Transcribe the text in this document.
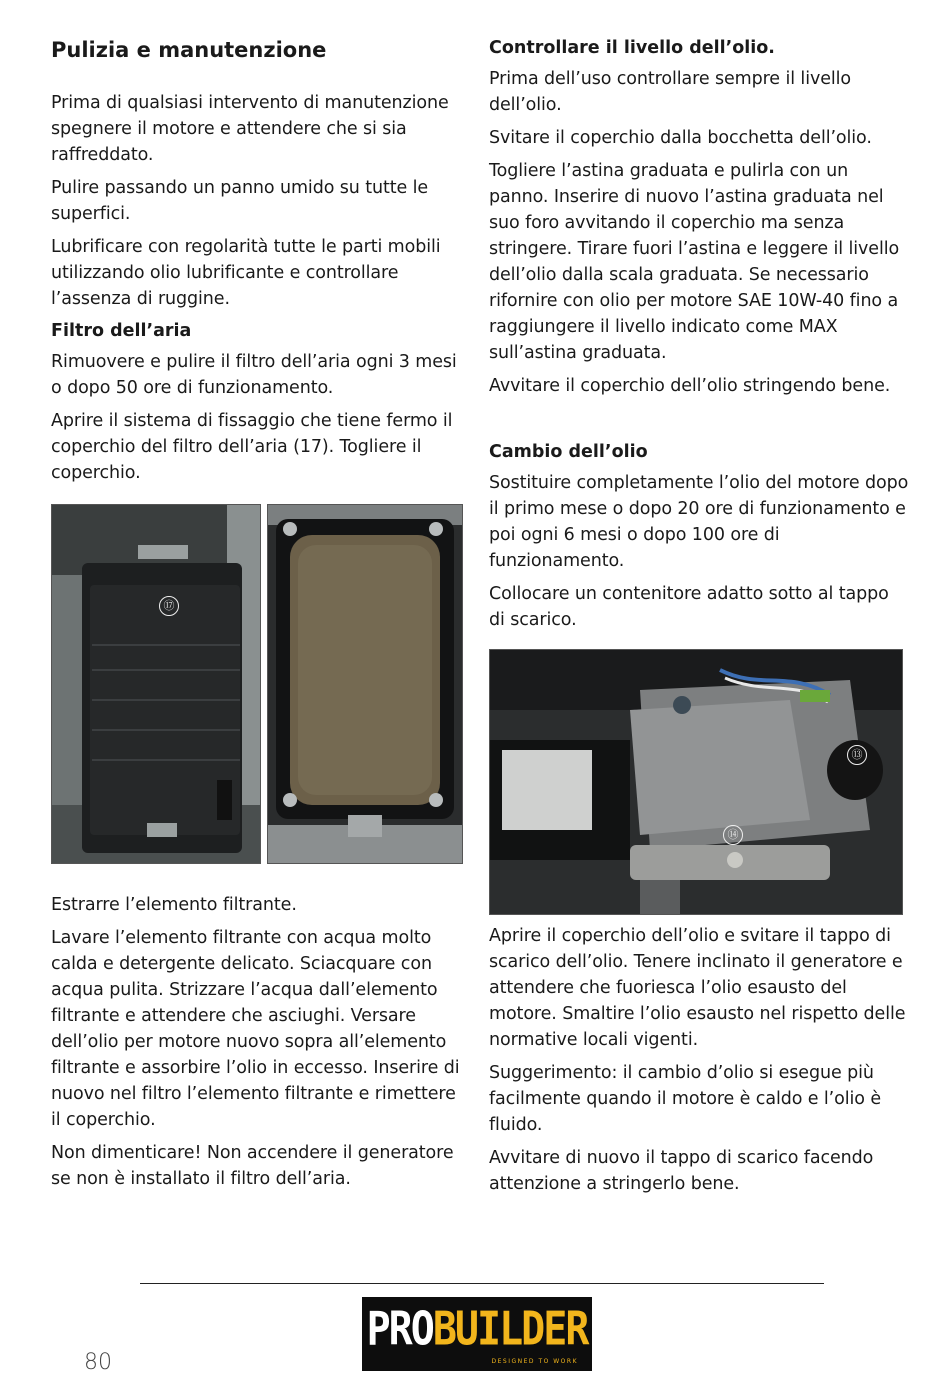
Pulizia e manutenzione

Prima di qualsiasi intervento di manutenzione spegnere il motore e attendere che si sia raffreddato.

Pulire passando un panno umido su tutte le superfici.

Lubrificare con regolarità tutte le parti mobili utilizzando olio lubrificante e controllare l’assenza di ruggine.

Filtro dell’aria

Rimuovere e pulire il filtro dell’aria ogni 3 mesi o dopo 50 ore di funzionamento.

Aprire il sistema di fissaggio che tiene fermo il coperchio del filtro dell’aria (17). Togliere il coperchio.

⑰

Estrarre l’elemento filtrante.

Lavare l’elemento filtrante con acqua molto calda e detergente delicato. Sciacquare con acqua pulita. Strizzare l’acqua dall’elemento filtrante e attendere che asciughi. Versare dell’olio per motore nuovo sopra all’elemento filtrante e assorbire l’olio in eccesso. Inserire di nuovo nel filtro l’elemento filtrante e rimettere il coperchio.

Non dimenticare! Non accendere il generatore se non è installato il filtro dell’aria.

Controllare il livello dell’olio.

Prima dell’uso controllare sempre il livello dell’olio.

Svitare il coperchio dalla bocchetta dell’olio.

Togliere l’astina graduata e pulirla con un panno. Inserire di nuovo l’astina graduata nel suo foro avvitando il coperchio ma senza stringere. Tirare fuori l’astina e leggere il livello dell’olio dalla scala graduata. Se necessario rifornire con olio per motore SAE 10W-40 fino a raggiungere il livello indicato come MAX sull’astina graduata.

Avvitare il coperchio dell’olio stringendo bene.

Cambio dell’olio

Sostituire completamente l’olio del motore dopo il primo mese o dopo 20 ore di funzionamento e poi ogni 6 mesi o dopo 100 ore di funzionamento.

Collocare un contenitore adatto sotto al tappo di scarico.

⑬
⑭

Aprire il coperchio dell’olio e svitare il tappo di scarico dell’olio. Tenere inclinato il generatore e attendere che fuoriesca l’olio esausto del motore. Smaltire l’olio esausto nel rispetto delle normative locali vigenti.

Suggerimento: il cambio d’olio si esegue più facilmente quando il motore è caldo e l’olio è fluido.

Avvitare di nuovo il tappo di scarico facendo attenzione a stringerlo bene.

PROBUILDER
DESIGNED TO WORK
80
